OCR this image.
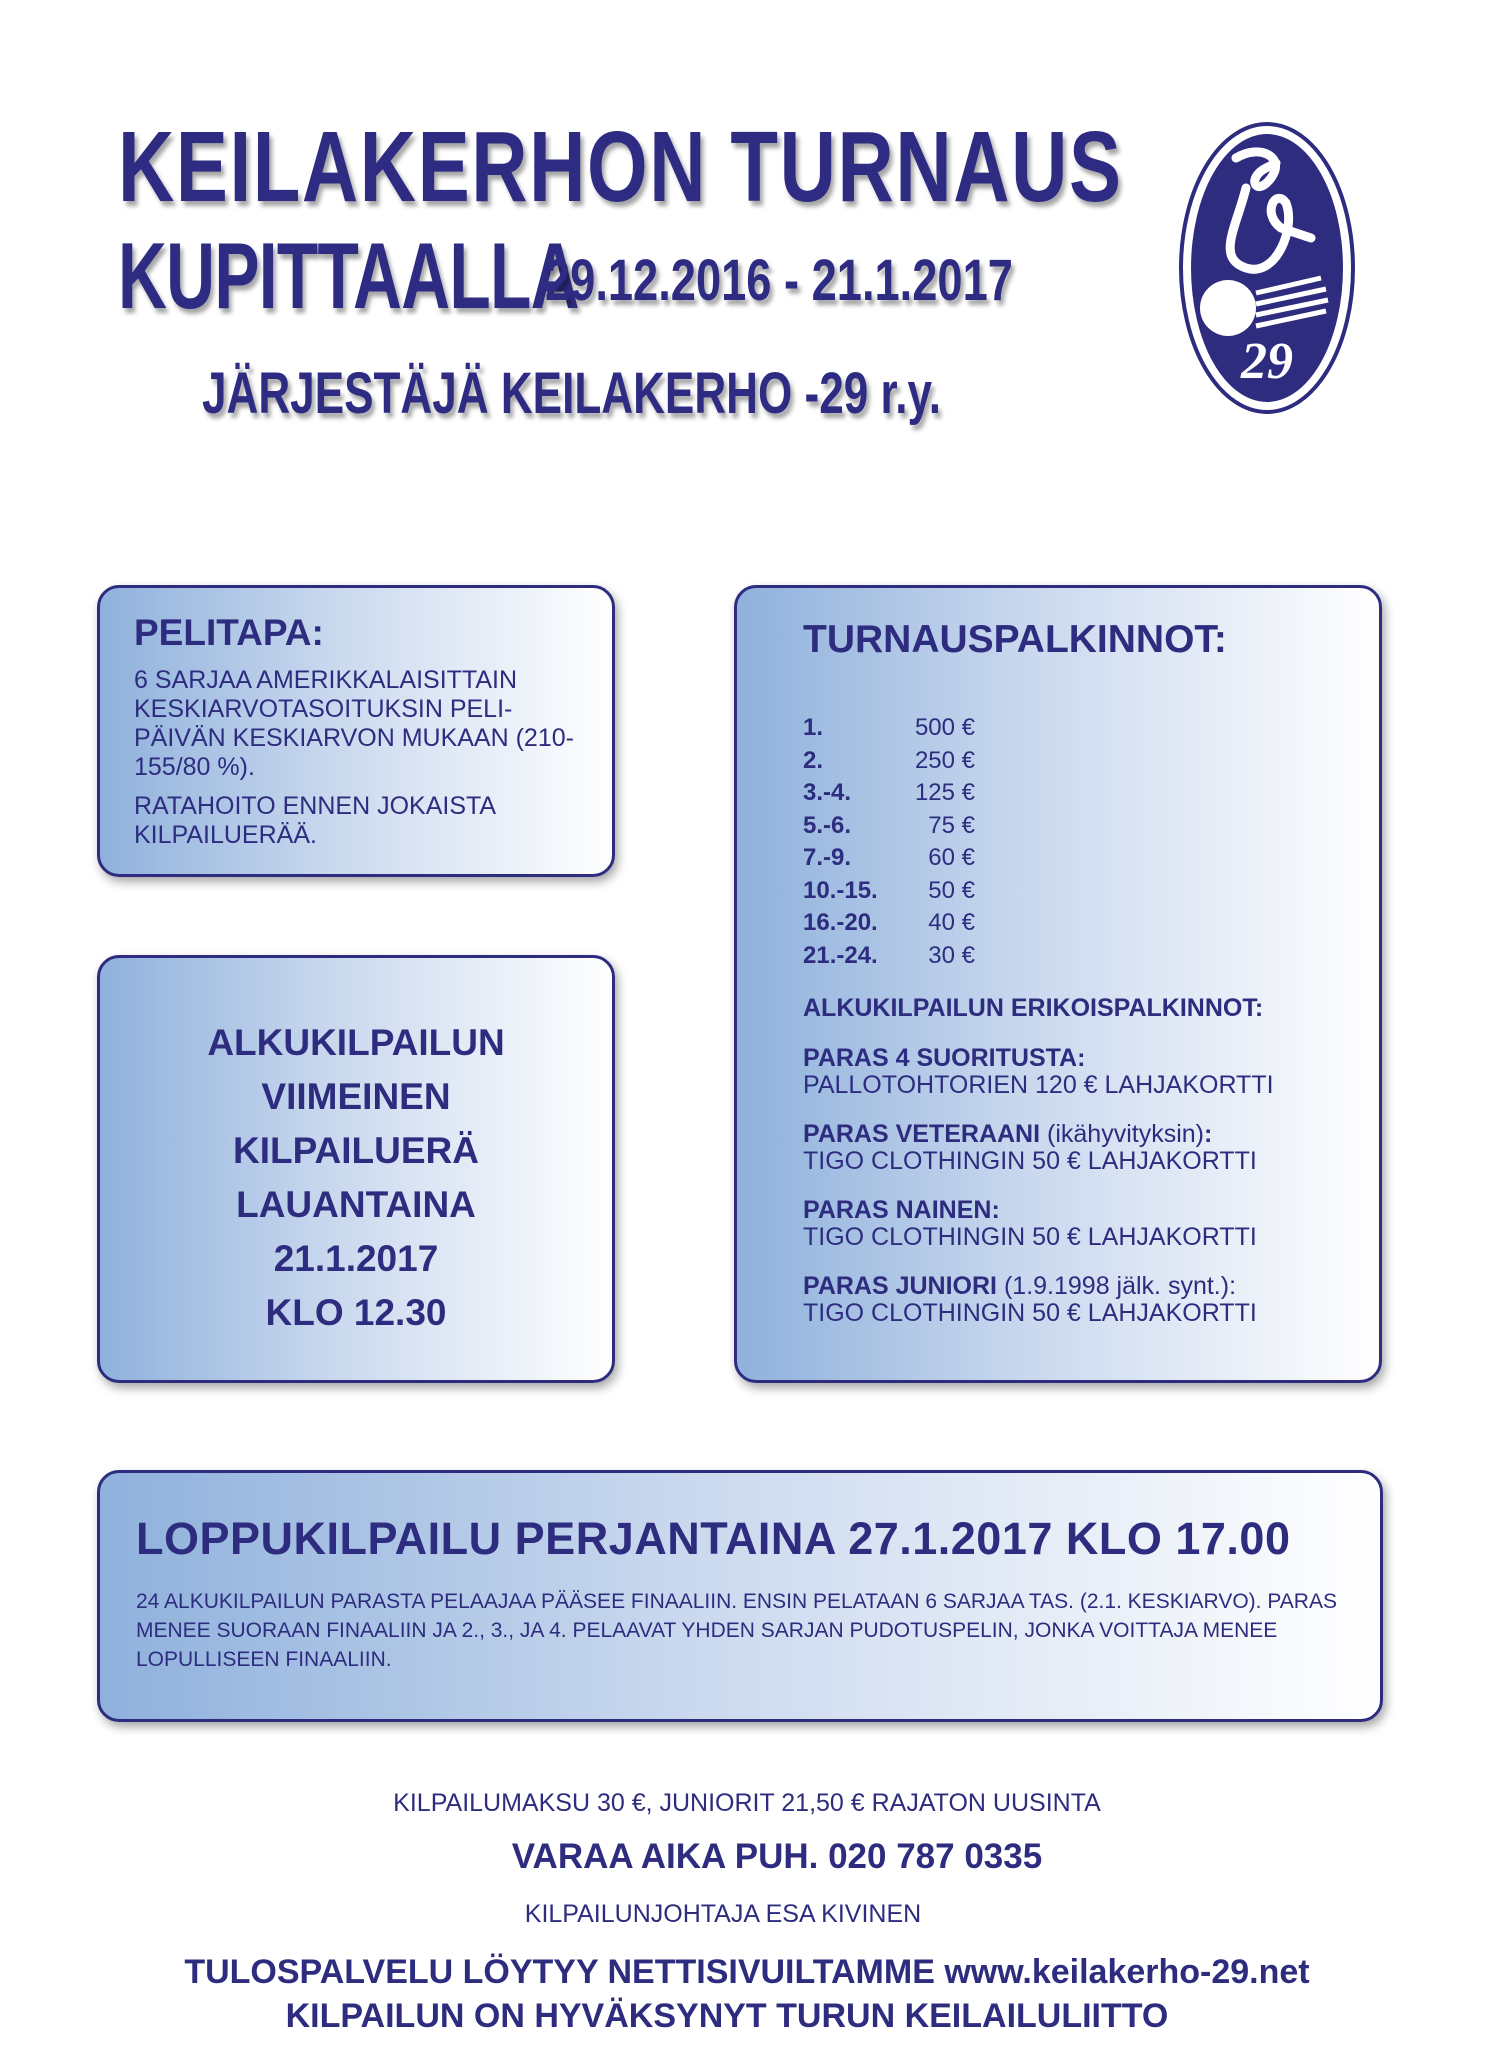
KEILAKERHON TURNAUS
KUPITTAALLA
29.12.2016 - 21.1.2017
JÄRJESTÄJÄ KEILAKERHO -29 r.y.	29
PELITAPA:

6 SARJAA AMERIKKALAISITTAIN KESKIARVOTASOITUKSIN PELI-PÄIVÄN KESKIARVON MUKAAN (210-155/80 %).

RATAHOITO ENNEN JOKAISTA KILPAILUERÄÄ.

ALKUKILPAILUN
VIIMEINEN
KILPAILUERÄ
LAUANTAINA
21.1.2017
KLO 12.30
TURNAUSPALKINNOT:
1.	500 €
2.	250 €
3.-4.	125 €
5.-6.	75 €
7.-9.	60 €
10.-15.	50 €
16.-20.	40 €
21.-24.	30 €
ALKUKILPAILUN ERIKOISPALKINNOT:
PARAS 4 SUORITUSTA:
PALLOTOHTORIEN 120 € LAHJAKORTTI
PARAS VETERAANI (ikähyvityksin):
TIGO CLOTHINGIN 50 € LAHJAKORTTI
PARAS NAINEN:
TIGO CLOTHINGIN 50 € LAHJAKORTTI
PARAS JUNIORI (1.9.1998 jälk. synt.):
TIGO CLOTHINGIN 50 € LAHJAKORTTI
LOPPUKILPAILU PERJANTAINA 27.1.2017 KLO 17.00

24 ALKUKILPAILUN PARASTA PELAAJAA PÄÄSEE FINAALIIN. ENSIN PELATAAN 6 SARJAA TAS. (2.1. KESKIARVO). PARAS MENEE SUORAAN FINAALIIN JA 2., 3., JA 4. PELAAVAT YHDEN SARJAN PUDOTUSPELIN, JONKA VOITTAJA MENEE LOPULLISEEN FINAALIIN.

KILPAILUMAKSU 30 €, JUNIORIT 21,50 € RAJATON UUSINTA
VARAA AIKA PUH. 020 787 0335
KILPAILUNJOHTAJA ESA KIVINEN
TULOSPALVELU LÖYTYY NETTISIVUILTAMME www.keilakerho-29.net
KILPAILUN ON HYVÄKSYNYT TURUN KEILAILULIITTO
